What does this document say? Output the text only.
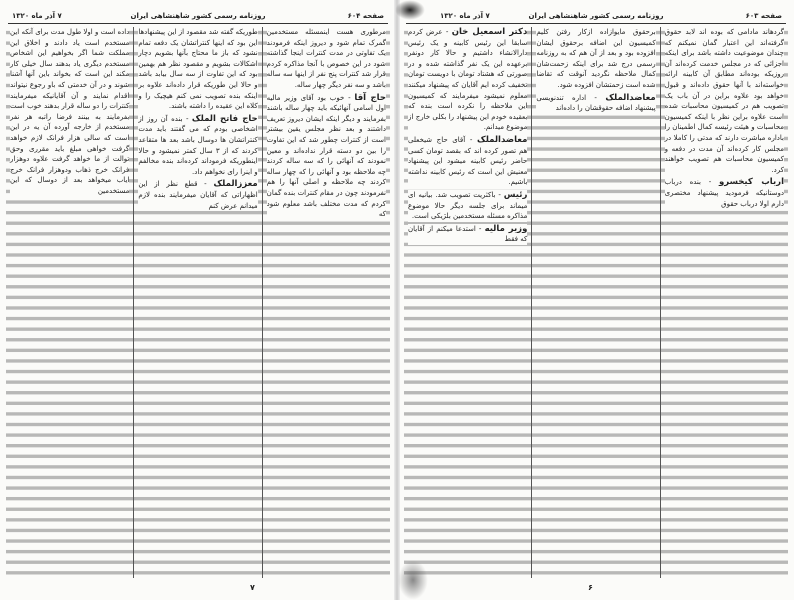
صفحه ۶۰۴
روزنامه رسمی کشور شاهنشاهی ایران
۷ آذر ماه ۱۳۲۰

مرطوری هست اینمسئله مستخدمین گمرک تمام شود و دیروز اینکه فرمودند یک تفاوتی در مدت کنترات اینجا گذاشته شود در این خصوص با آنجا مذاکره کردم قرار شد کنترات پنج نفر از اینها سه ساله باشد و سه نفر دیگر چهار ساله.

حاج آقا - خوب بود آقای وزیر مالیه اول اسامی آنهائیکه باید چهار ساله باشند بفرمایند و دیگر اینکه ایشان دیروز تعریف داشتند و بعد نظر مجلس یقین بیشتر است از کنترات چطور شد که این تفاوت را بین دو دسته قرار نداده‌اند و معین نمودند که آنهائی را که سه ساله کردند چه ملاحظه بود و آنهائی را که چهار ساله کردند چه ملاحظه و اصلی آنها را هم نفرمودند چون در مقام کنترات بنده گمان کردم که مدت مختلف باشد معلوم شود که

طوریکه گفته شد مقصود از این پیشنهادها این بود که اینها کنتراتشان یک دفعه تمام نشود که باز ما محتاج بآنها بشویم دچار اشکالات بشویم و مقصود نظر هم بهمین بود که این تفاوت از سه سال بیابد باشد و حالا این طوریکه قرار داده‌اند علاوه بر اینکه بنده تصویب نمی کنم هیچیک را و کلاه این عقیده را داشته باشند.

حاج فاتح الملک - بنده آن روز از اشخاصی بودم که می گفتند باید مدت کنتراتشان ها دوسال باشد بعد ها متقاعد کردند که از ۳ سال کمتر نمیشود و حالا اینطوریکه فرموداند کرده‌اند بنده مخالفم و اینرا رای نخواهم داد.

معززالملک - قطع نظر از این اظهاراتی که آقایان میفرمایند بنده لازم میدانم عرض کنم

داده است و اولا طول مدت برای آنکه این مستخدم است یاد دادند و اخلاق این مملکت شما اگر بخواهیم این اشخاص مستخدم دیگری یاد بدهند سال خیلی کار مکند این است که بخواند باین آنها آشنا شوند و در آن خدمتی که باو رجوع نیتواند اقدام نمایند و آن آقایانیکه میفرمایند کنترات را دو ساله قرار بدهند خوب است بفرمایند به بینند فرضا راتبه هر نفر مستخدم از خارجه آورده آن یه در این است که سالی هزار فرانک لازم خواهد گرفت خواهی مبلغ باید مقرری وحق توالت از ما خواهد گرفت علاوه دوهزار فرانک خرج ذهاب ودوهزار فرانک خرج ایاب میخواهد بعد از دوسال که این مستخدمین

۷
صفحه ۶۰۳
روزنامه رسمی کشور شاهنشاهی ایران
۷ آذر ماه ۱۳۲۰

گردهاند مادامی که بوده اند لابد حقوق گرفته‌اند این اعتبار گمان نمیکنم که چندان موضوعیت داشته باشد برای اینکه اجزائی که در مجلس خدمت کرده‌اند آن روزیکه بوده‌اند مطابق آن کابینه ارائه خواسته‌اند با آنها حقوق داده‌اند و قبول خواهد بود علاوه براین در آن باب یک تصویب هم در کمیسیون محاسبات شده است علاوه براین نظر با اینکه کمیسیون محاسبات و هیئت رئیسه کمال اطمینان را باداره مباشرت دارند که مدتی را کاملا در مجلس کار کرده‌اند آن مدت در دفعه و کمیسیون محاسبات هم تصویب خواهند کرد.

ارباب کیخسرو - بنده درباب دوستانیکه فرمودید پیشنهاد مختصری دارم اولا درباب حقوق

برحقوق مایوازاده ازکار رفتن کلیم کمیسیون این اضافه برحقوق ایشان افزوده بود و بعد از آن هم که به روزنامه رسمی درج شد برای اینکه زحمت‌شان کمال ملاحظه نگردید آنوقت که تقاضا شده است زحمتشان افزوده شود.

معاضدالملک - اداره تندنویسی پیشنهاد اضافه حقوقشان را داده‌اند

دکتر اسمعیل خان - عرض کردم سابقا این رئیس کابینه و یک رئیس دارالانشاء داشتیم و حالا کار دونفر برعهده این یک نفر گذاشته شده و در صورتی که هشتاد تومان با دویست تومان تخفیف کرده ایم آقایان که پیشنهاد میکنند معلوم نمیشود میفرمایند که کمیسیون این ملاحظه را نکرده است بنده که بعقیده خودم این پیشنهاد را بکلی خارج از موضوع میدانم.

معاضدالملک - آقای حاج شیخعلی هم تصور کرده اند که بقصد تومان کسی حاضر رئیس کابینه میشود این پیشنهاد معنیش این است که رئیس کابینه نداشته باشیم.

رئیس - باکثریت تصویب شد. بیانیه ای میماند برای جلسه دیگر حالا موضوع مذاکره مسئله مستخدمین بلژیکی است.

وزیر مالیه - استدعا میکنم از آقایان که فقط

۶
